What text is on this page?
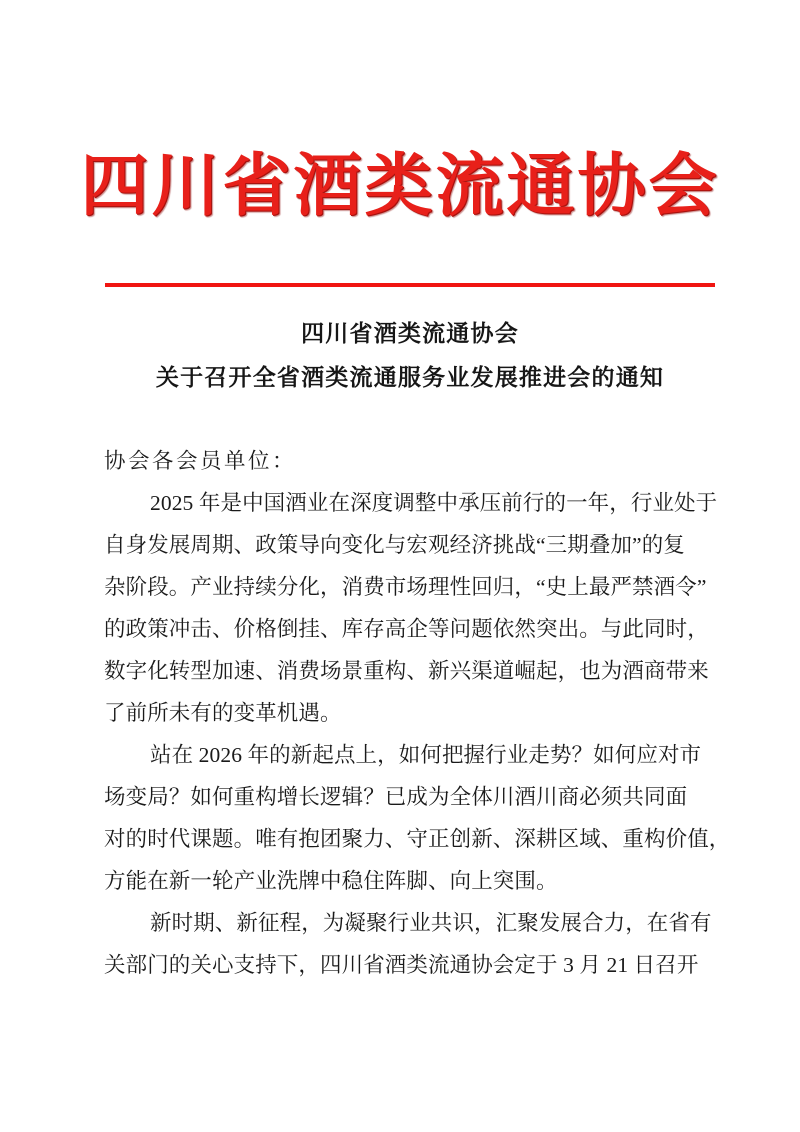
四川省酒类流通协会
四川省酒类流通协会
关于召开全省酒类流通服务业发展推进会的通知
协会各会员单位：
2025 年是中国酒业在深度调整中承压前行的一年，行业处于
自身发展周期、政策导向变化与宏观经济挑战“三期叠加”的复
杂阶段。产业持续分化，消费市场理性回归，“史上最严禁酒令”
的政策冲击、价格倒挂、库存高企等问题依然突出。与此同时，
数字化转型加速、消费场景重构、新兴渠道崛起，也为酒商带来
了前所未有的变革机遇。
站在 2026 年的新起点上，如何把握行业走势？如何应对市
场变局？如何重构增长逻辑？已成为全体川酒川商必须共同面
对的时代课题。唯有抱团聚力、守正创新、深耕区域、重构价值，
方能在新一轮产业洗牌中稳住阵脚、向上突围。
新时期、新征程，为凝聚行业共识，汇聚发展合力，在省有
关部门的关心支持下，四川省酒类流通协会定于 3 月 21 日召开
